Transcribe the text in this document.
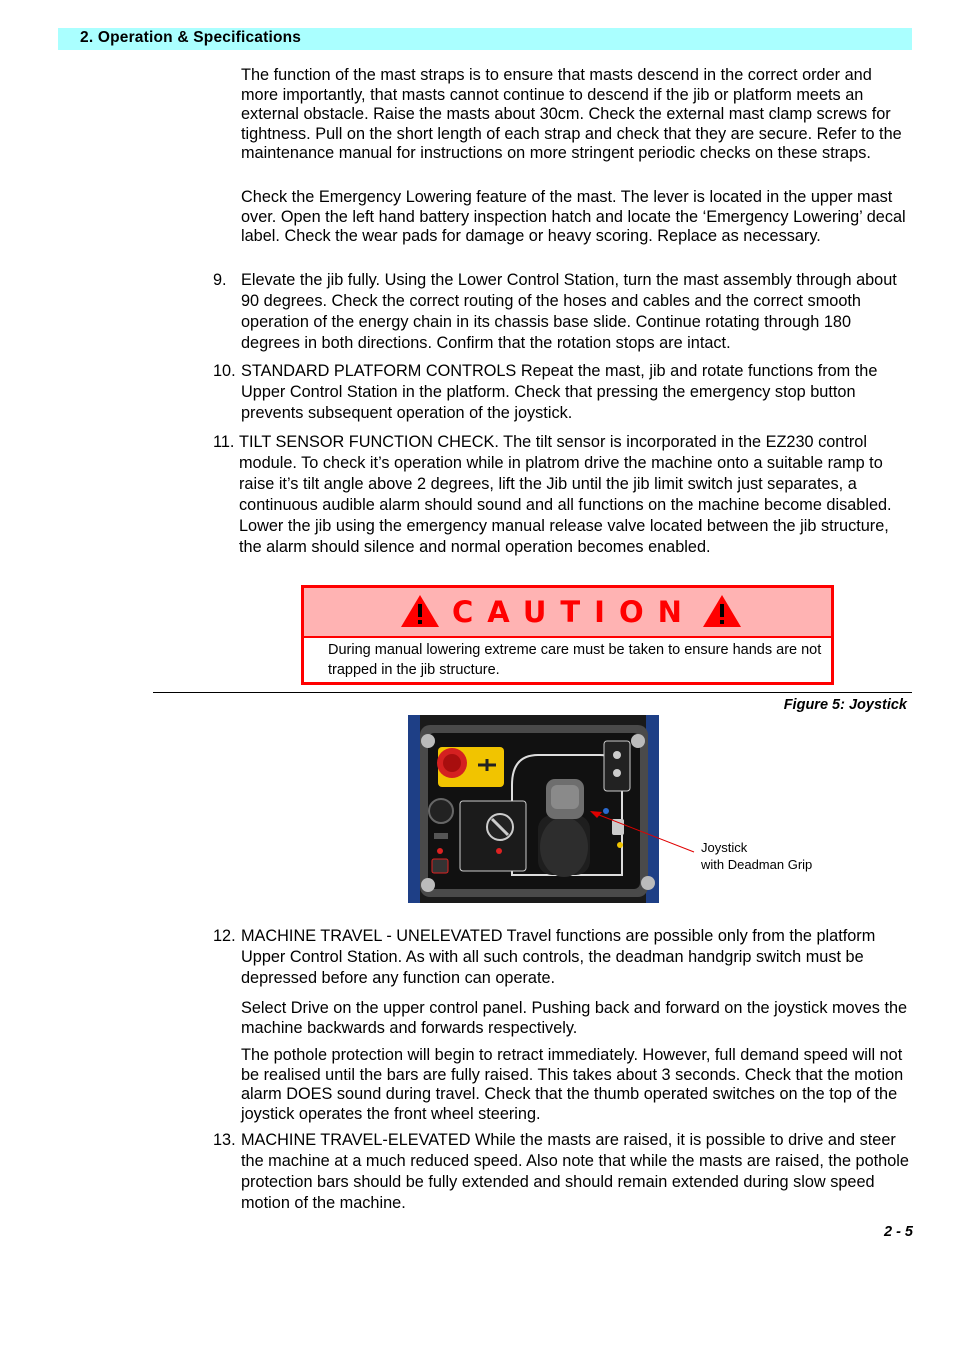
2. Operation & Specifications
The function of the mast straps is to ensure that masts descend in the correct order and more importantly, that masts cannot continue to descend if the jib or platform meets an external obstacle. Raise the masts about 30cm. Check the external mast clamp screws for tightness. Pull on the short length of each strap and check that they are secure. Refer to the maintenance manual for instructions on more stringent periodic checks on these straps.
Check the Emergency Lowering feature of the mast. The lever is located in the upper mast over. Open the left hand battery inspection hatch and locate the ‘Emergency Lowering’ decal label. Check the wear pads for damage or heavy scoring. Replace as necessary.
9. Elevate the jib fully. Using the Lower Control Station, turn the mast assembly through about 90 degrees. Check the correct routing of the hoses and cables and the correct smooth operation of the energy chain in its chassis base slide. Continue rotating through 180 degrees in both directions. Confirm that the rotation stops are intact.
10. STANDARD PLATFORM CONTROLS Repeat the mast, jib and rotate functions from the Upper Control Station in the platform. Check that pressing the emergency stop button prevents subsequent operation of the joystick.
11. TILT SENSOR FUNCTION CHECK. The tilt sensor is incorporated in the EZ230 control module. To check it’s operation while in platrom drive the machine onto a suitable ramp to raise it’s tilt angle above 2 degrees, lift the Jib until the jib limit switch just separates, a continuous audible alarm should sound and all functions on the machine become disabled. Lower the jib using the emergency manual release valve located between the jib structure, the alarm should silence and normal operation becomes enabled.
CAUTION
During manual lowering extreme care must be taken to ensure hands are not trapped in the jib structure.
Figure 5: Joystick
Joystick
with Deadman Grip
12. MACHINE TRAVEL - UNELEVATED Travel functions are possible only from the platform Upper Control Station. As with all such controls, the deadman handgrip switch must be depressed before any function can operate.
Select Drive on the upper control panel. Pushing back and forward on the joystick moves the machine backwards and forwards respectively.
The pothole protection will begin to retract immediately. However, full demand speed will not be realised until the bars are fully raised. This takes about 3 seconds. Check that the motion alarm DOES sound during travel. Check that the thumb operated switches on the top of the joystick operates the front wheel steering.
13. MACHINE TRAVEL-ELEVATED While the masts are raised, it is possible to drive and steer the machine at a much reduced speed. Also note that while the masts are raised, the pothole protection bars should be fully extended and should remain extended during slow speed motion of the machine.
2 - 5
